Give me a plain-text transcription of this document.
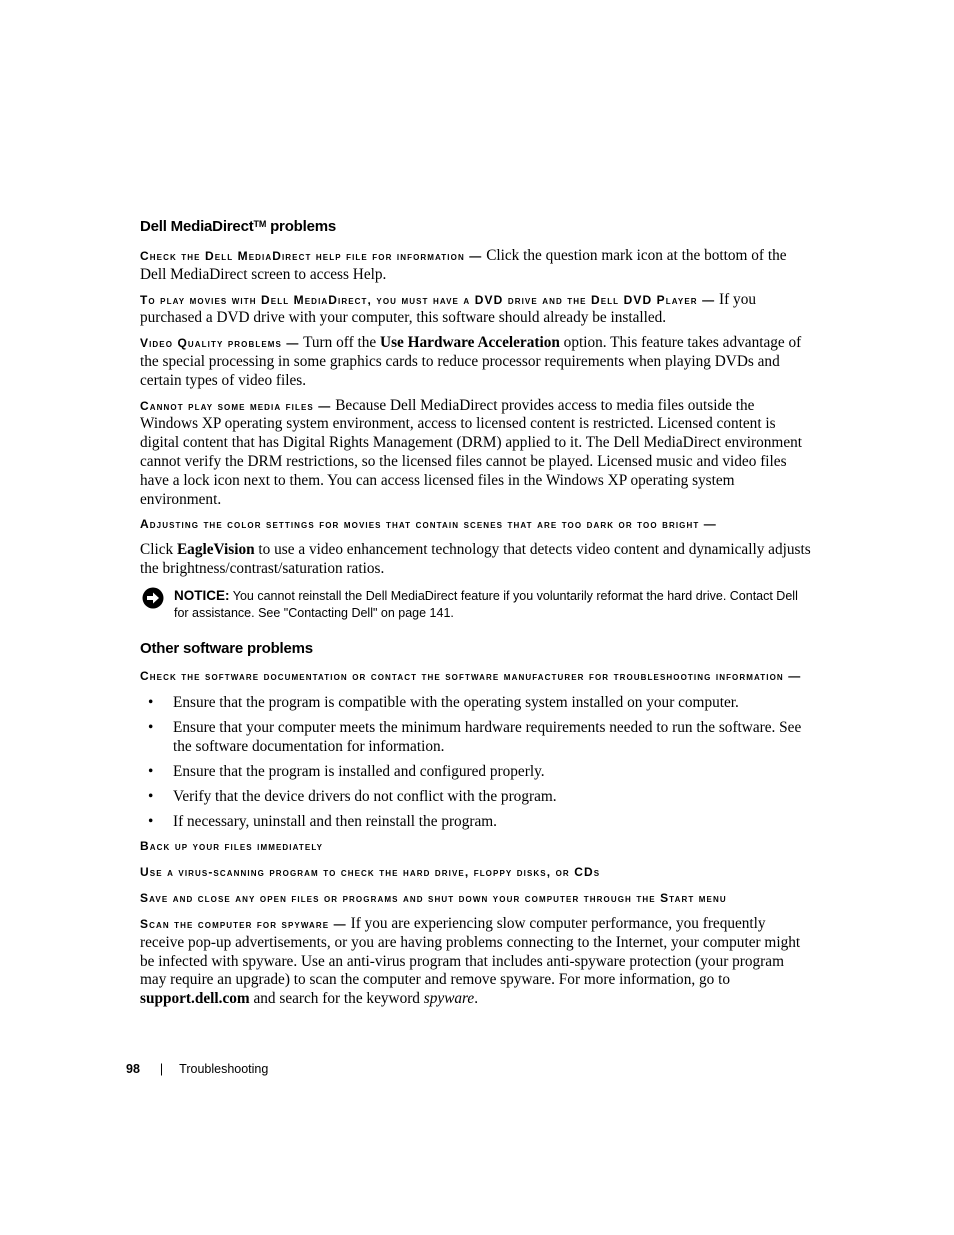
Dell MediaDirect™ problems

Check the Dell MediaDirect help file for information — Click the question mark icon at the bottom of the Dell MediaDirect screen to access Help.

To play movies with Dell MediaDirect, you must have a DVD drive and the Dell DVD Player — If you purchased a DVD drive with your computer, this software should already be installed.

Video Quality problems — Turn off the Use Hardware Acceleration option. This feature takes advantage of the special processing in some graphics cards to reduce processor requirements when playing DVDs and certain types of video files.

Cannot play some media files — Because Dell MediaDirect provides access to media files outside the Windows XP operating system environment, access to licensed content is restricted. Licensed content is digital content that has Digital Rights Management (DRM) applied to it. The Dell MediaDirect environment cannot verify the DRM restrictions, so the licensed files cannot be played. Licensed music and video files have a lock icon next to them. You can access licensed files in the Windows XP operating system environment.

Adjusting the color settings for movies that contain scenes that are too dark or too bright —

Click EagleVision to use a video enhancement technology that detects video content and dynamically adjusts the brightness/contrast/saturation ratios.

NOTICE: You cannot reinstall the Dell MediaDirect feature if you voluntarily reformat the hard drive. Contact Dell for assistance. See "Contacting Dell" on page 141.
Other software problems
Check the software documentation or contact the software manufacturer for troubleshooting information —
• Ensure that the program is compatible with the operating system installed on your computer.
• Ensure that your computer meets the minimum hardware requirements needed to run the software. See the software documentation for information.
• Ensure that the program is installed and configured properly.
• Verify that the device drivers do not conflict with the program.
• If necessary, uninstall and then reinstall the program.
Back up your files immediately
Use a virus-scanning program to check the hard drive, floppy disks, or CDs
Save and close any open files or programs and shut down your computer through the Start menu

Scan the computer for spyware — If you are experiencing slow computer performance, you frequently receive pop-up advertisements, or you are having problems connecting to the Internet, your computer might be infected with spyware. Use an anti-virus program that includes anti-spyware protection (your program may require an upgrade) to scan the computer and remove spyware. For more information, go to support.dell.com and search for the keyword spyware.

98 | Troubleshooting
